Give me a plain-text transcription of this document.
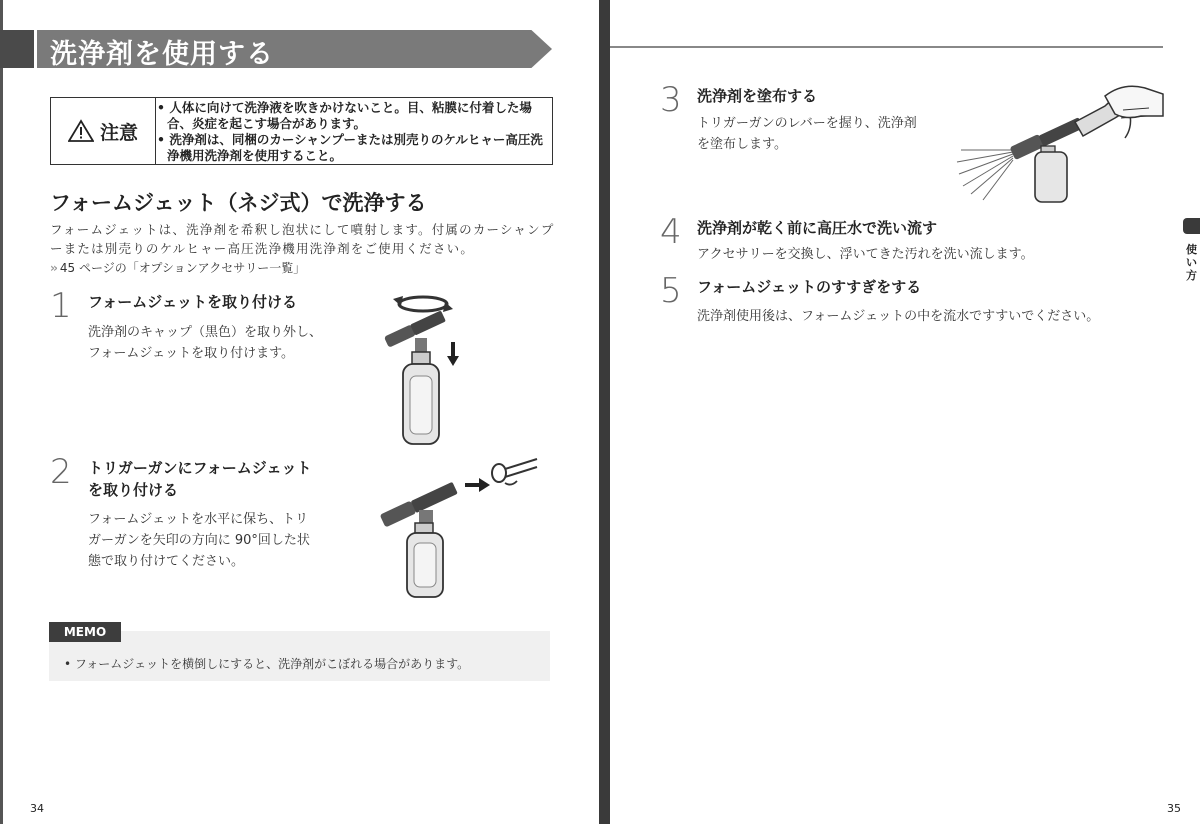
洗浄剤を使用する
注意
• 人体に向けて洗浄液を吹きかけないこと。目、粘膜に付着した場合、炎症を起こす場合があります。
• 洗浄剤は、同梱のカーシャンプーまたは別売りのケルヒャー高圧洗浄機用洗浄剤を使用すること。
フォームジェット（ネジ式）で洗浄する
フォームジェットは、洗浄剤を希釈し泡状にして噴射します。付属のカーシャンプーまたは別売りのケルヒャー高圧洗浄機用洗浄剤をご使用ください。
›› 45 ページの「オプションアクセサリー一覧」
1 フォームジェットを取り付ける
洗浄剤のキャップ（黒色）を取り外し、フォームジェットを取り付けます。
2 トリガーガンにフォームジェットを取り付ける
フォームジェットを水平に保ち、トリガーガンを矢印の方向に 90°回した状態で取り付けてください。
MEMO
• フォームジェットを横倒しにすると、洗浄剤がこぼれる場合があります。
3 洗浄剤を塗布する
トリガーガンのレバーを握り、洗浄剤を塗布します。
4 洗浄剤が乾く前に高圧水で洗い流す
アクセサリーを交換し、浮いてきた汚れを洗い流します。
5 フォームジェットのすすぎをする
洗浄剤使用後は、フォームジェットの中を流水ですすいでください。
使い方
34	35
